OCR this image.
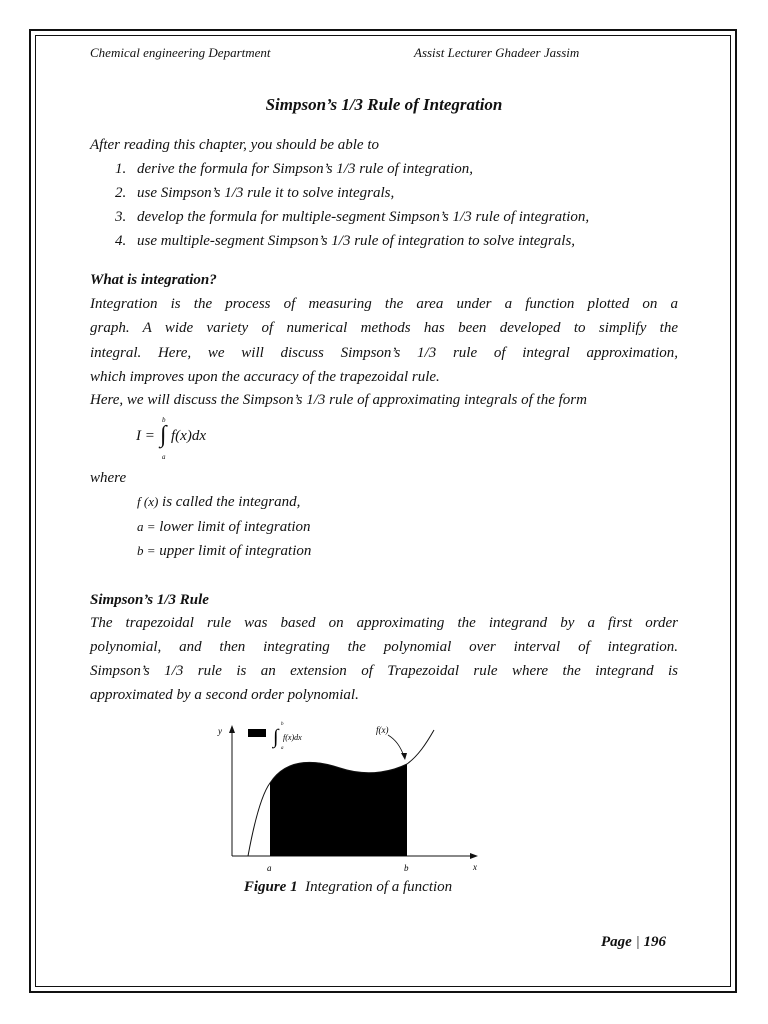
Chemical engineering Department	Assist Lecturer Ghadeer Jassim
Simpson’s 1/3 Rule of Integration
After reading this chapter, you should be able to
1. derive the formula for Simpson’s 1/3 rule of integration,
2. use Simpson’s 1/3 rule it to solve integrals,
3. develop the formula for multiple-segment Simpson’s 1/3 rule of integration,
4. use multiple-segment Simpson’s 1/3 rule of integration to solve integrals,
What is integration?
Integration is the process of measuring the area under a function plotted on a
graph. A wide variety of numerical methods has been developed to simplify the
integral. Here, we will discuss Simpson’s 1/3 rule of integral approximation,
which improves upon the accuracy of the trapezoidal rule.
Here, we will discuss the Simpson’s 1/3 rule of approximating integrals of the form
I = ∫
b
a
f(x)dx
where
f (x) is called the integrand,
a = lower limit of integration
b = upper limit of integration
Simpson’s 1/3 Rule
The trapezoidal rule was based on approximating the integrand by a first order
polynomial, and then integrating the polynomial over interval of integration.
Simpson’s 1/3 rule is an extension of Trapezoidal rule where the integrand is
approximated by a second order polynomial.
f(x)
y
x
a	b
∫
b
a
f(x)dx
Figure 1 Integration of a function
Page | 196
